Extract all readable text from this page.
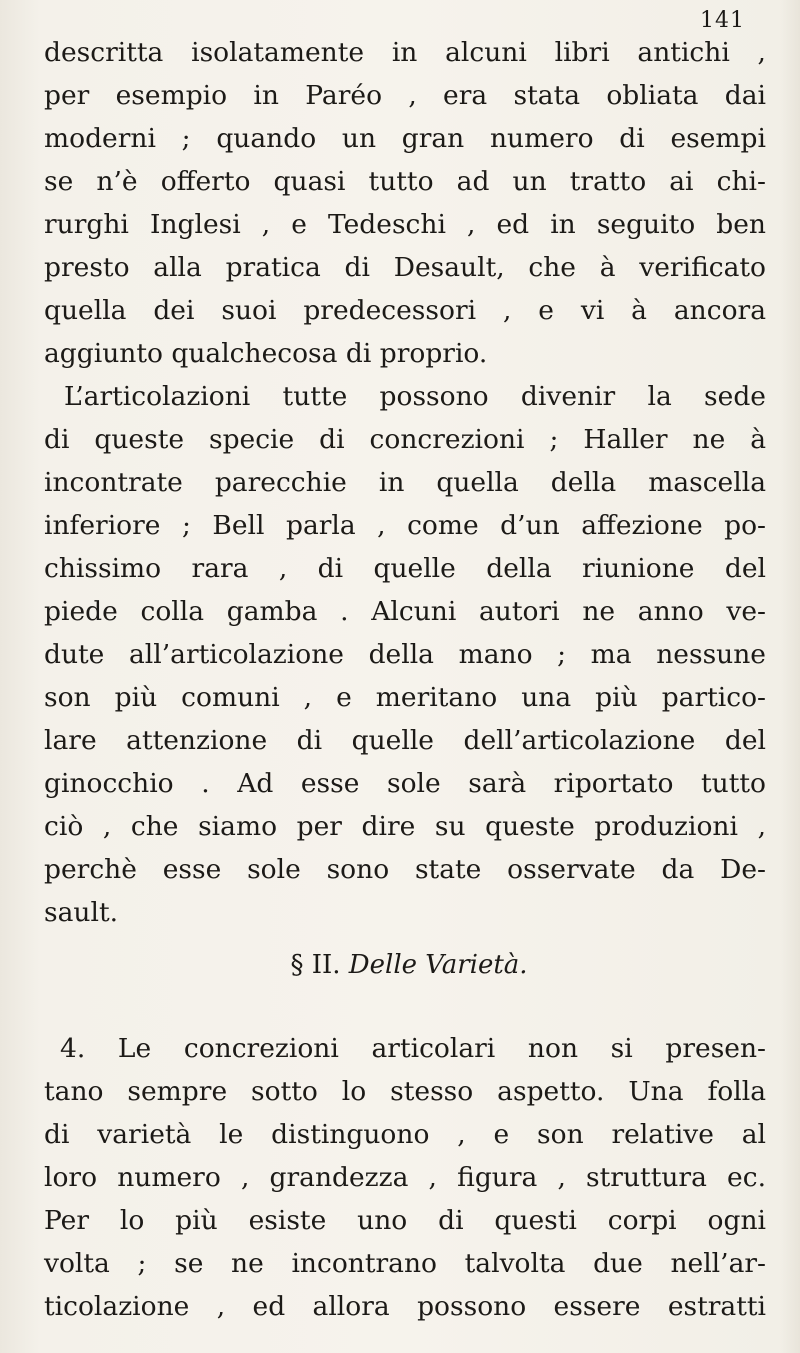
141
descritta isolatamente in alcuni libri antichi ,
per esempio in Paréo , era stata obliata dai
moderni ; quando un gran numero di esempi
se n’è offerto quasi tutto ad un tratto ai chi-
rurghi Inglesi , e Tedeschi , ed in seguito ben
presto alla pratica di Desault, che à verificato
quella dei suoi predecessori , e vi à ancora
aggiunto qualchecosa di proprio.
L’articolazioni tutte possono divenir la sede
di queste specie di concrezioni ; Haller ne à
incontrate parecchie in quella della mascella
inferiore ; Bell parla , come d’un affezione po-
chissimo rara , di quelle della riunione del
piede colla gamba . Alcuni autori ne anno ve-
dute all’articolazione della mano ; ma nessune
son più comuni , e meritano una più partico-
lare attenzione di quelle dell’articolazione del
ginocchio . Ad esse sole sarà riportato tutto
ciò , che siamo per dire su queste produzioni ,
perchè esse sole sono state osservate da De-
sault.
§ II. Delle Varietà.
4. Le concrezioni articolari non si presen-
tano sempre sotto lo stesso aspetto. Una folla
di varietà le distinguono , e son relative al
loro numero , grandezza , figura , struttura ec.
Per lo più esiste uno di questi corpi ogni
volta ; se ne incontrano talvolta due nell’ar-
ticolazione , ed allora possono essere estratti
